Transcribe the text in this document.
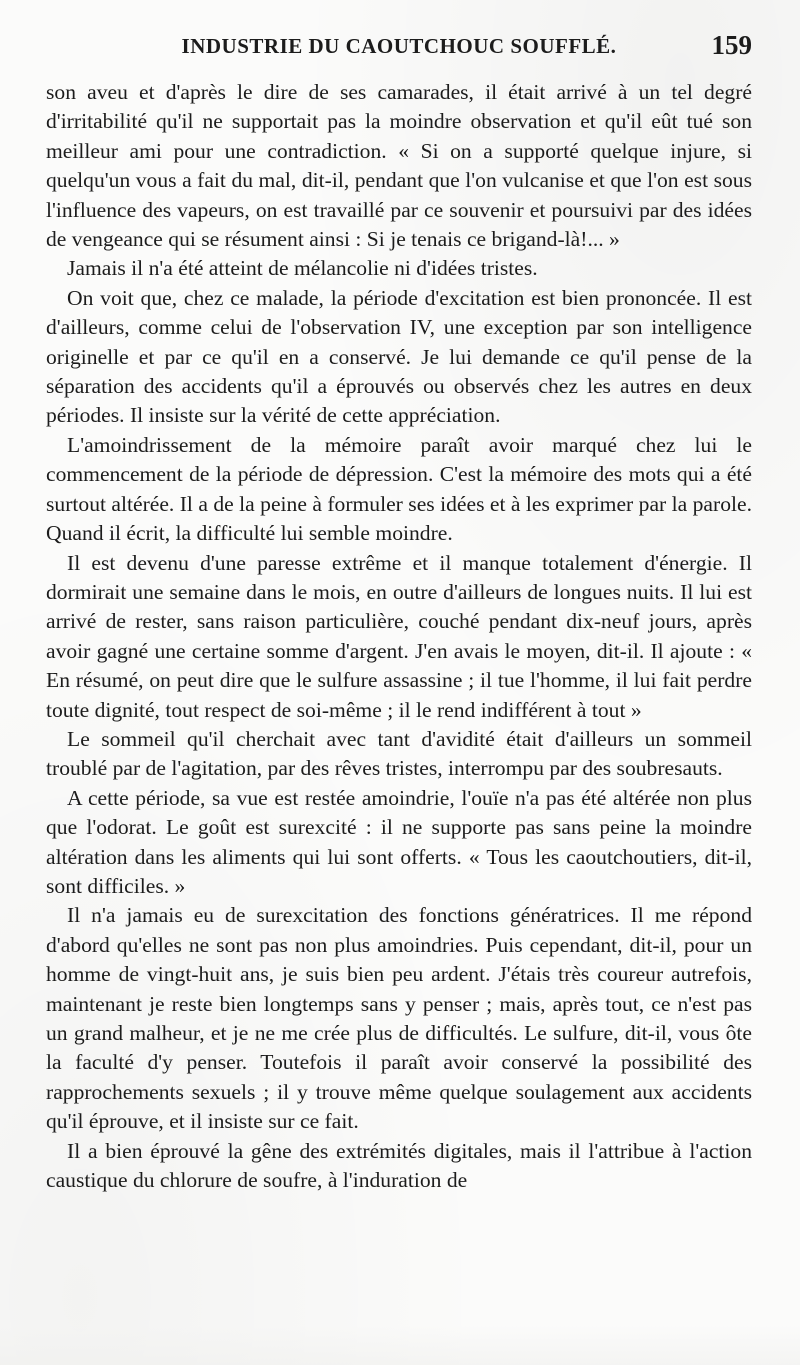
INDUSTRIE DU CAOUTCHOUC SOUFFLÉ.	159

son aveu et d'après le dire de ses camarades, il était arrivé à un tel degré d'irritabilité qu'il ne supportait pas la moindre observation et qu'il eût tué son meilleur ami pour une contradiction. « Si on a supporté quelque injure, si quelqu'un vous a fait du mal, dit-il, pendant que l'on vulcanise et que l'on est sous l'influence des vapeurs, on est travaillé par ce souvenir et poursuivi par des idées de vengeance qui se résument ainsi : Si je tenais ce brigand-là!... »

Jamais il n'a été atteint de mélancolie ni d'idées tristes.

On voit que, chez ce malade, la période d'excitation est bien prononcée. Il est d'ailleurs, comme celui de l'observation IV, une exception par son intelligence originelle et par ce qu'il en a conservé. Je lui demande ce qu'il pense de la séparation des accidents qu'il a éprouvés ou observés chez les autres en deux périodes. Il insiste sur la vérité de cette appréciation.

L'amoindrissement de la mémoire paraît avoir marqué chez lui le commencement de la période de dépression. C'est la mémoire des mots qui a été surtout altérée. Il a de la peine à formuler ses idées et à les exprimer par la parole. Quand il écrit, la difficulté lui semble moindre.

Il est devenu d'une paresse extrême et il manque totalement d'énergie. Il dormirait une semaine dans le mois, en outre d'ailleurs de longues nuits. Il lui est arrivé de rester, sans raison particulière, couché pendant dix-neuf jours, après avoir gagné une certaine somme d'argent. J'en avais le moyen, dit-il. Il ajoute : « En résumé, on peut dire que le sulfure assassine ; il tue l'homme, il lui fait perdre toute dignité, tout respect de soi-même ; il le rend indifférent à tout »

Le sommeil qu'il cherchait avec tant d'avidité était d'ailleurs un sommeil troublé par de l'agitation, par des rêves tristes, interrompu par des soubresauts.

A cette période, sa vue est restée amoindrie, l'ouïe n'a pas été altérée non plus que l'odorat. Le goût est surexcité : il ne supporte pas sans peine la moindre altération dans les aliments qui lui sont offerts. « Tous les caoutchoutiers, dit-il, sont difficiles. »

Il n'a jamais eu de surexcitation des fonctions génératrices. Il me répond d'abord qu'elles ne sont pas non plus amoindries. Puis cependant, dit-il, pour un homme de vingt-huit ans, je suis bien peu ardent. J'étais très coureur autrefois, maintenant je reste bien longtemps sans y penser ; mais, après tout, ce n'est pas un grand malheur, et je ne me crée plus de difficultés. Le sulfure, dit-il, vous ôte la faculté d'y penser. Toutefois il paraît avoir conservé la possibilité des rapprochements sexuels ; il y trouve même quelque soulagement aux accidents qu'il éprouve, et il insiste sur ce fait.

Il a bien éprouvé la gêne des extrémités digitales, mais il l'attribue à l'action caustique du chlorure de soufre, à l'induration de
